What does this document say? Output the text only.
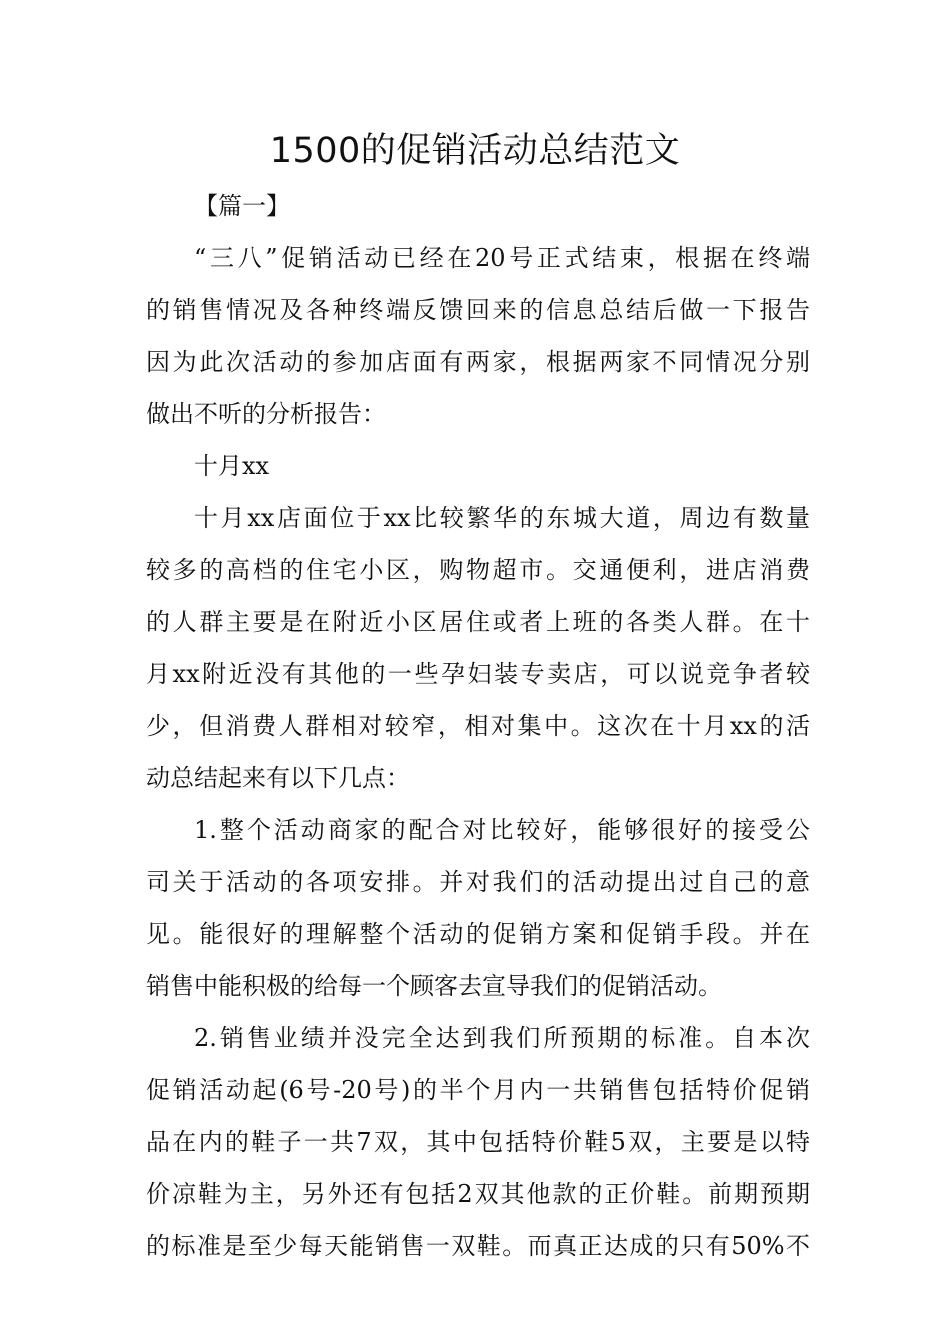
1500的促销活动总结范文
【篇一】
“三八”促销活动已经在20号正式结束，根据在终端
的销售情况及各种终端反馈回来的信息总结后做一下报告
因为此次活动的参加店面有两家，根据两家不同情况分别
做出不听的分析报告：
十月xx
十月xx店面位于xx比较繁华的东城大道，周边有数量
较多的高档的住宅小区，购物超市。交通便利，进店消费
的人群主要是在附近小区居住或者上班的各类人群。在十
月xx附近没有其他的一些孕妇装专卖店，可以说竞争者较
少，但消费人群相对较窄，相对集中。这次在十月xx的活
动总结起来有以下几点：
1.整个活动商家的配合对比较好，能够很好的接受公
司关于活动的各项安排。并对我们的活动提出过自己的意
见。能很好的理解整个活动的促销方案和促销手段。并在
销售中能积极的给每一个顾客去宣导我们的促销活动。
2.销售业绩并没完全达到我们所预期的标准。自本次
促销活动起(6号-20号)的半个月内一共销售包括特价促销
品在内的鞋子一共7双，其中包括特价鞋5双，主要是以特
价凉鞋为主，另外还有包括2双其他款的正价鞋。前期预期
的标准是至少每天能销售一双鞋。而真正达成的只有50%不
